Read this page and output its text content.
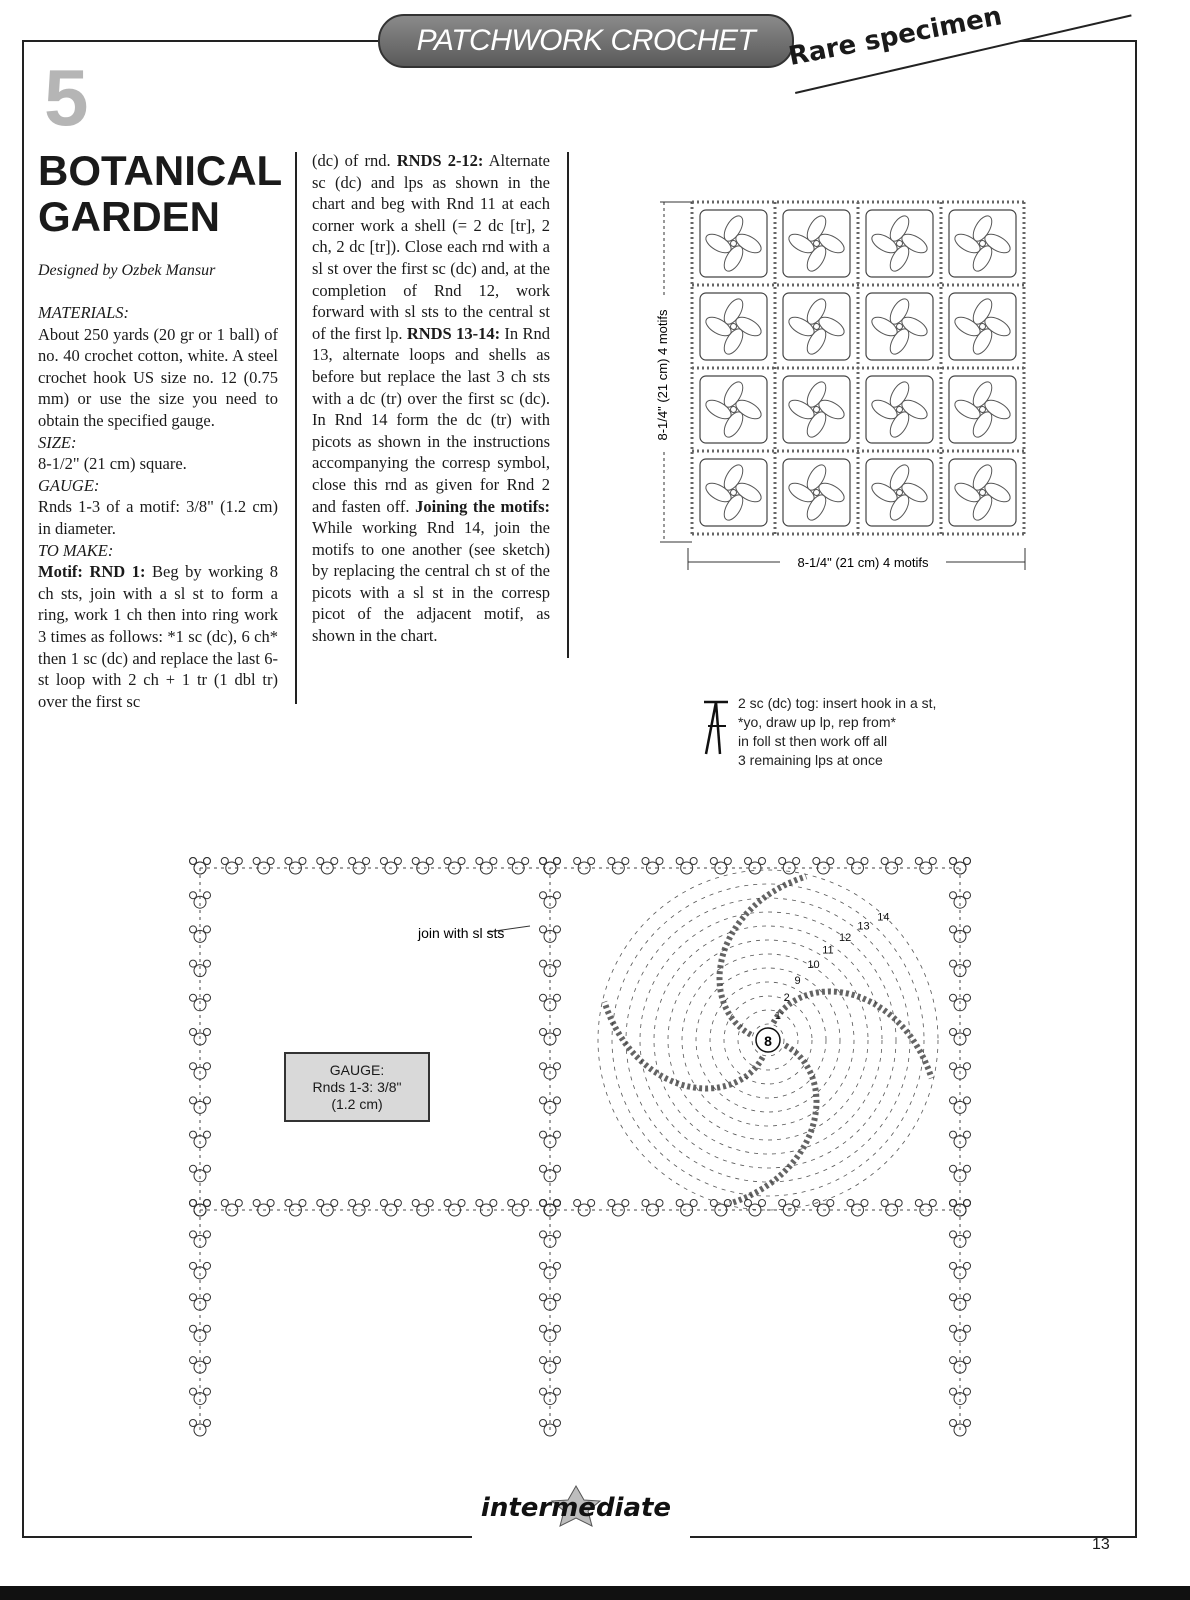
PATCHWORK CROCHET Rare specimen
5
BOTANICAL
GARDEN
Designed by Ozbek Mansur
MATERIALS:
About 250 yards (20 gr or 1 ball) of no. 40 crochet cotton, white. A steel crochet hook US size no. 12 (0.75 mm) or use the size you need to obtain the specified gauge.
SIZE:
8-1/2" (21 cm) square.
GAUGE:
Rnds 1-3 of a motif: 3/8" (1.2 cm) in diameter.
TO MAKE:
Motif: RND 1: Beg by working 8 ch sts, join with a sl st to form a ring, work 1 ch then into ring work 3 times as follows: *1 sc (dc), 6 ch* then 1 sc (dc) and replace the last 6-st loop with 2 ch + 1 tr (1 dbl tr) over the first sc
(dc) of rnd. RNDS 2-12: Alternate sc (dc) and lps as shown in the chart and beg with Rnd 11 at each corner work a shell (= 2 dc [tr], 2 ch, 2 dc [tr]). Close each rnd with a sl st over the first sc (dc) and, at the completion of Rnd 12, work forward with sl sts to the central st of the first lp. RNDS 13-14: In Rnd 13, alternate loops and shells as before but replace the last 3 ch sts with a dc (tr) over the first sc (dc). In Rnd 14 form the dc (tr) with picots as shown in the instructions accompanying the corresp symbol, close this rnd as given for Rnd 2 and fasten off. Joining the motifs: While working Rnd 14, join the motifs to one another (see sketch) by replacing the central ch st of the picots with a sl st in the corresp picot of the adjacent motif, as shown in the chart.
8-1/4" (21 cm) 4 motifs
8-1/4" (21 cm) 4 motifs
2 sc (dc) tog: insert hook in a st,
*yo, draw up lp, rep from*
in foll st then work off all
3 remaining lps at once
1
2
9
10
11
12
13
14
join with sl sts
8
GAUGE:
Rnds 1-3: 3/8"
(1.2 cm)
intermediate
13
